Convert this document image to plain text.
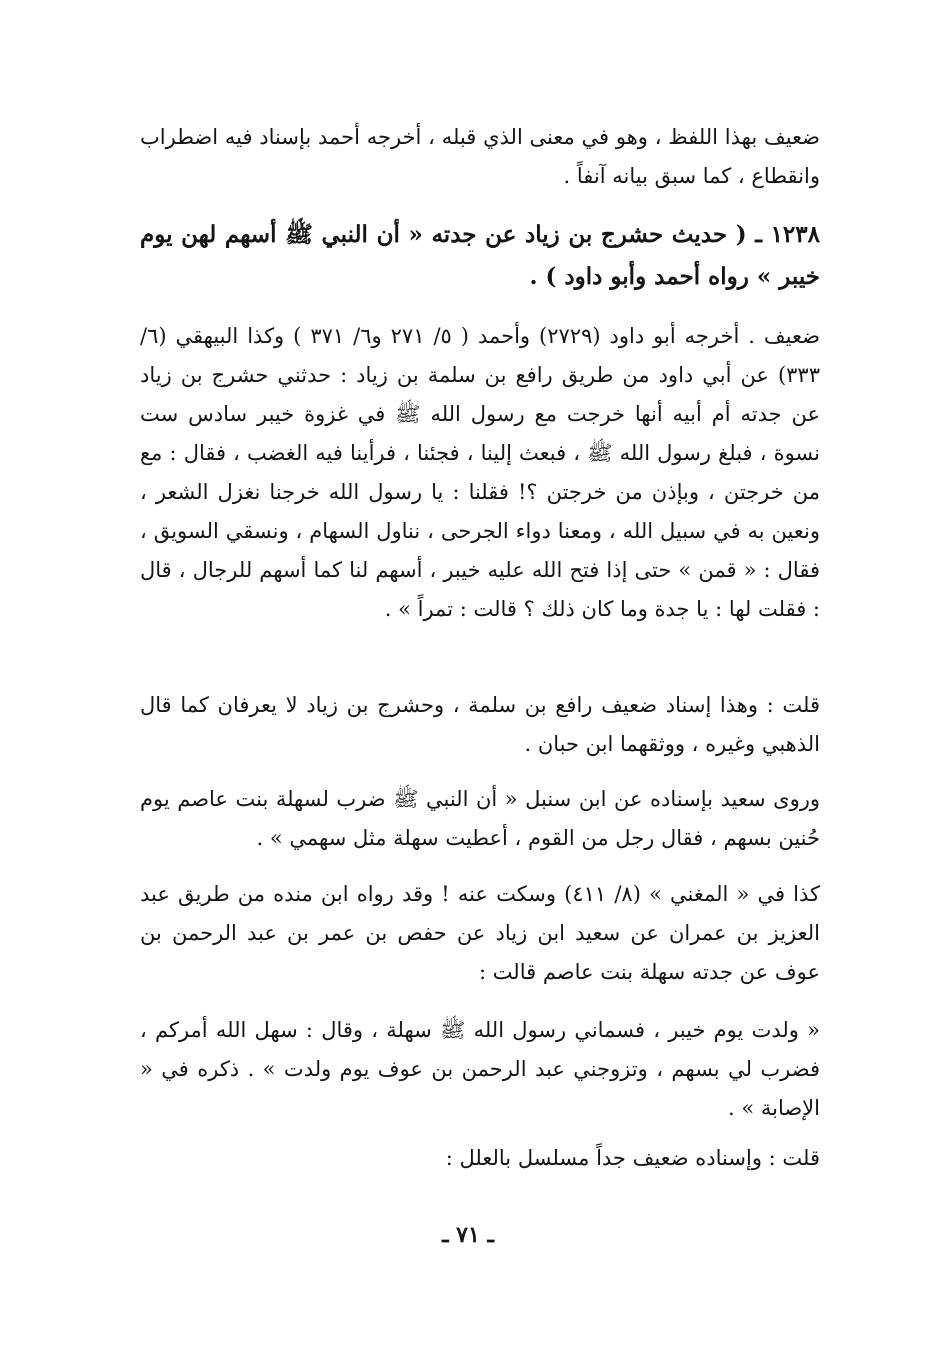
ضعيف بهذا اللفظ ، وهو في معنى الذي قبله ، أخرجه أحمد بإسناد فيه اضطراب وانقطاع ، كما سبق بيانه آنفاً .

١٢٣٨ ـ ( حديث حشرج بن زياد عن جدته « أن النبي ﷺ أسهم لهن يوم خيبر » رواه أحمد وأبو داود ) .

ضعيف . أخرجه أبو داود (٢٧٢٩) وأحمد ( ٥/ ٢٧١ و٦/ ٣٧١ ) وكذا البيهقي (٦/ ٣٣٣) عن أبي داود من طريق رافع بن سلمة بن زياد : حدثني حشرج بن زياد عن جدته أم أبيه أنها خرجت مع رسول الله ﷺ في غزوة خيبر سادس ست نسوة ، فبلغ رسول الله ﷺ ، فبعث إلينا ، فجئنا ، فرأينا فيه الغضب ، فقال : مع من خرجتن ، وبإذن من خرجتن ؟! فقلنا : يا رسول الله خرجنا نغزل الشعر ، ونعين به في سبيل الله ، ومعنا دواء الجرحى ، نناول السهام ، ونسقي السويق ، فقال : « قمن » حتى إذا فتح الله عليه خيبر ، أسهم لنا كما أسهم للرجال ، قال : فقلت لها : يا جدة وما كان ذلك ؟ قالت : تمراً » .

قلت : وهذا إسناد ضعيف رافع بن سلمة ، وحشرج بن زياد لا يعرفان كما قال الذهبي وغيره ، ووثقهما ابن حبان .

وروى سعيد بإسناده عن ابن سنبل « أن النبي ﷺ ضرب لسهلة بنت عاصم يوم حُنين بسهم ، فقال رجل من القوم ، أعطيت سهلة مثل سهمي » .

كذا في « المغني » (٨/ ٤١١) وسكت عنه ! وقد رواه ابن منده من طريق عبد العزيز بن عمران عن سعيد ابن زياد عن حفص بن عمر بن عبد الرحمن بن عوف عن جدته سهلة بنت عاصم قالت :

« ولدت يوم خيبر ، فسماني رسول الله ﷺ سهلة ، وقال : سهل الله أمركم ، فضرب لي بسهم ، وتزوجني عبد الرحمن بن عوف يوم ولدت » . ذكره في « الإصابة » .

قلت : وإسناده ضعيف جداً مسلسل بالعلل :

ـ ٧١ ـ
